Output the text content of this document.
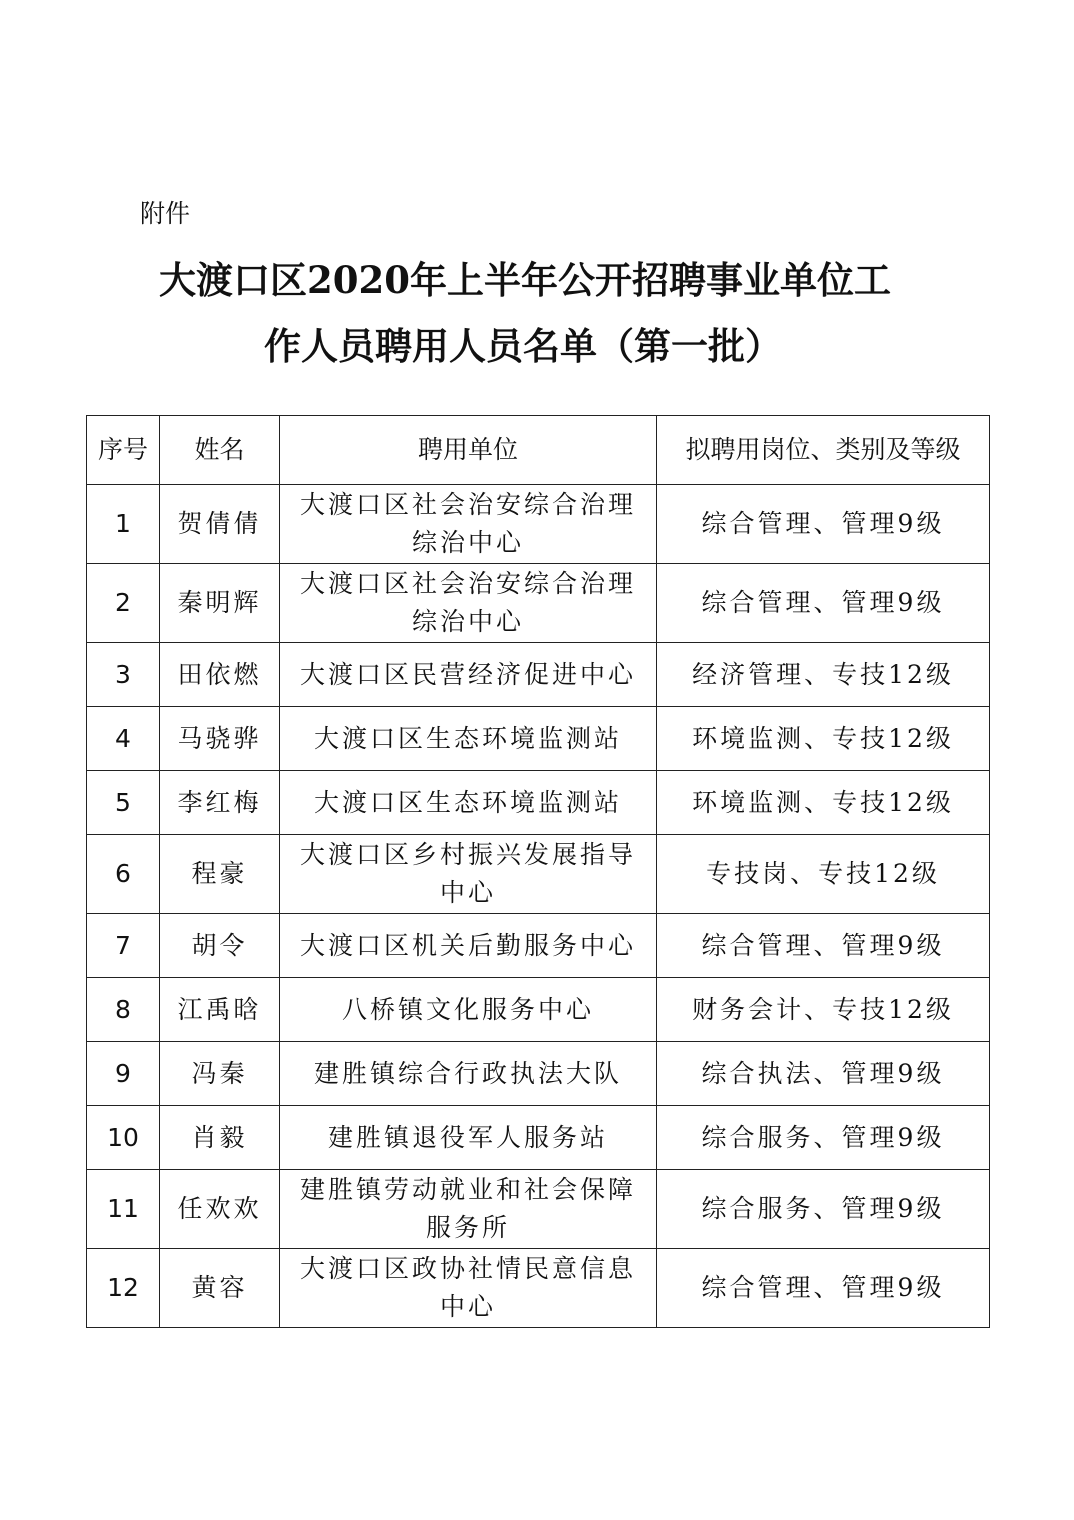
附件
大渡口区2020年上半年公开招聘事业单位工
作人员聘用人员名单（第一批）
序号	姓名	聘用单位	拟聘用岗位、类别及等级
1	贺倩倩	大渡口区社会治安综合治理综治中心	综合管理、管理9级
2	秦明辉	大渡口区社会治安综合治理综治中心	综合管理、管理9级
3	田依燃	大渡口区民营经济促进中心	经济管理、专技12级
4	马骁骅	大渡口区生态环境监测站	环境监测、专技12级
5	李红梅	大渡口区生态环境监测站	环境监测、专技12级
6	程豪	大渡口区乡村振兴发展指导中心	专技岗、专技12级
7	胡令	大渡口区机关后勤服务中心	综合管理、管理9级
8	江禹晗	八桥镇文化服务中心	财务会计、专技12级
9	冯秦	建胜镇综合行政执法大队	综合执法、管理9级
10	肖毅	建胜镇退役军人服务站	综合服务、管理9级
11	任欢欢	建胜镇劳动就业和社会保障服务所	综合服务、管理9级
12	黄容	大渡口区政协社情民意信息中心	综合管理、管理9级
